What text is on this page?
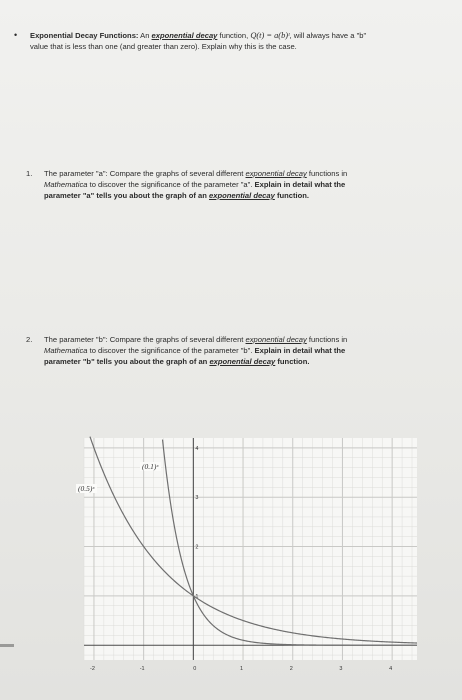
• Exponential Decay Functions: An exponential decay function, Q(t) = a(b)ᵗ, will always have a "b"
value that is less than one (and greater than zero). Explain why this is the case.
1. The parameter "a": Compare the graphs of several different exponential decay functions in
Mathematica to discover the significance of the parameter "a". Explain in detail what the
parameter "a" tells you about the graph of an exponential decay function.
2. The parameter "b": Compare the graphs of several different exponential decay functions in
Mathematica to discover the significance of the parameter "b". Explain in detail what the
parameter "b" tells you about the graph of an exponential decay function.
-2	-1	0	1	2	3	4
1
2
3
4
(0.1)ˣ
(0.5)ˣ
